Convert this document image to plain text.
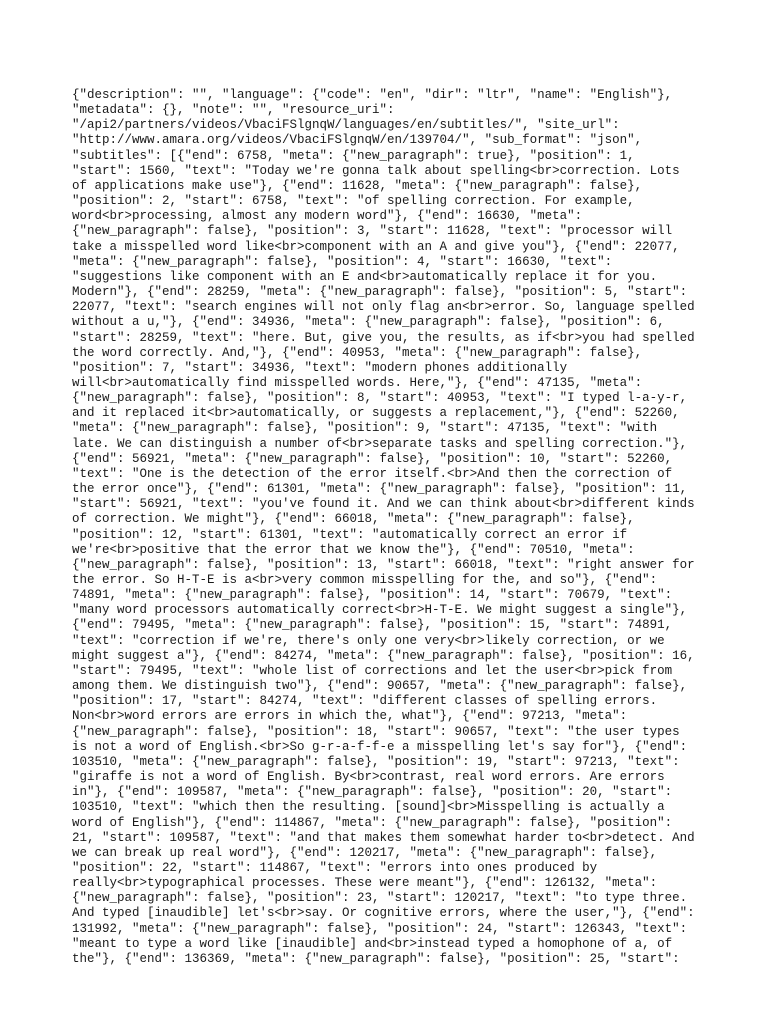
{"description": "", "language": {"code": "en", "dir": "ltr", "name": "English"},
"metadata": {}, "note": "", "resource_uri":
"/api2/partners/videos/VbaciFSlgnqW/languages/en/subtitles/", "site_url":
"http://www.amara.org/videos/VbaciFSlgnqW/en/139704/", "sub_format": "json",
"subtitles": [{"end": 6758, "meta": {"new_paragraph": true}, "position": 1,
"start": 1560, "text": "Today we're gonna talk about spelling<br>correction. Lots
of applications make use"}, {"end": 11628, "meta": {"new_paragraph": false},
"position": 2, "start": 6758, "text": "of spelling correction. For example,
word<br>processing, almost any modern word"}, {"end": 16630, "meta":
{"new_paragraph": false}, "position": 3, "start": 11628, "text": "processor will
take a misspelled word like<br>component with an A and give you"}, {"end": 22077,
"meta": {"new_paragraph": false}, "position": 4, "start": 16630, "text":
"suggestions like component with an E and<br>automatically replace it for you.
Modern"}, {"end": 28259, "meta": {"new_paragraph": false}, "position": 5, "start":
22077, "text": "search engines will not only flag an<br>error. So, language spelled
without a u,"}, {"end": 34936, "meta": {"new_paragraph": false}, "position": 6,
"start": 28259, "text": "here. But, give you, the results, as if<br>you had spelled
the word correctly. And,"}, {"end": 40953, "meta": {"new_paragraph": false},
"position": 7, "start": 34936, "text": "modern phones additionally
will<br>automatically find misspelled words. Here,"}, {"end": 47135, "meta":
{"new_paragraph": false}, "position": 8, "start": 40953, "text": "I typed l-a-y-r,
and it replaced it<br>automatically, or suggests a replacement,"}, {"end": 52260,
"meta": {"new_paragraph": false}, "position": 9, "start": 47135, "text": "with
late. We can distinguish a number of<br>separate tasks and spelling correction."},
{"end": 56921, "meta": {"new_paragraph": false}, "position": 10, "start": 52260,
"text": "One is the detection of the error itself.<br>And then the correction of
the error once"}, {"end": 61301, "meta": {"new_paragraph": false}, "position": 11,
"start": 56921, "text": "you've found it. And we can think about<br>different kinds
of correction. We might"}, {"end": 66018, "meta": {"new_paragraph": false},
"position": 12, "start": 61301, "text": "automatically correct an error if
we're<br>positive that the error that we know the"}, {"end": 70510, "meta":
{"new_paragraph": false}, "position": 13, "start": 66018, "text": "right answer for
the error. So H-T-E is a<br>very common misspelling for the, and so"}, {"end":
74891, "meta": {"new_paragraph": false}, "position": 14, "start": 70679, "text":
"many word processors automatically correct<br>H-T-E. We might suggest a single"},
{"end": 79495, "meta": {"new_paragraph": false}, "position": 15, "start": 74891,
"text": "correction if we're, there's only one very<br>likely correction, or we
might suggest a"}, {"end": 84274, "meta": {"new_paragraph": false}, "position": 16,
"start": 79495, "text": "whole list of corrections and let the user<br>pick from
among them. We distinguish two"}, {"end": 90657, "meta": {"new_paragraph": false},
"position": 17, "start": 84274, "text": "different classes of spelling errors.
Non<br>word errors are errors in which the, what"}, {"end": 97213, "meta":
{"new_paragraph": false}, "position": 18, "start": 90657, "text": "the user types
is not a word of English.<br>So g-r-a-f-f-e a misspelling let's say for"}, {"end":
103510, "meta": {"new_paragraph": false}, "position": 19, "start": 97213, "text":
"giraffe is not a word of English. By<br>contrast, real word errors. Are errors
in"}, {"end": 109587, "meta": {"new_paragraph": false}, "position": 20, "start":
103510, "text": "which then the resulting. [sound]<br>Misspelling is actually a
word of English"}, {"end": 114867, "meta": {"new_paragraph": false}, "position":
21, "start": 109587, "text": "and that makes them somewhat harder to<br>detect. And
we can break up real word"}, {"end": 120217, "meta": {"new_paragraph": false},
"position": 22, "start": 114867, "text": "errors into ones produced by
really<br>typographical processes. These were meant"}, {"end": 126132, "meta":
{"new_paragraph": false}, "position": 23, "start": 120217, "text": "to type three.
And typed [inaudible] let's<br>say. Or cognitive errors, where the user,"}, {"end":
131992, "meta": {"new_paragraph": false}, "position": 24, "start": 126343, "text":
"meant to type a word like [inaudible] and<br>instead typed a homophone of a, of
the"}, {"end": 136369, "meta": {"new_paragraph": false}, "position": 25, "start":
